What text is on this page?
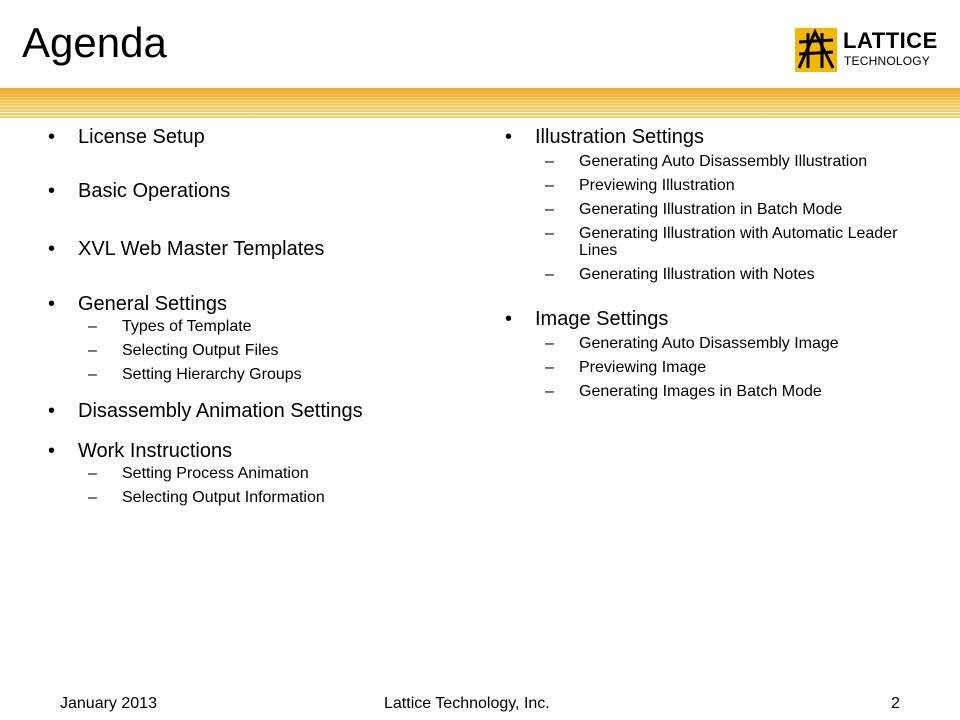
Agenda	LATTICE
TECHNOLOGY
• License Setup
• Basic Operations
• XVL Web Master Templates
• General Settings
– Types of Template
– Selecting Output Files
– Setting Hierarchy Groups
• Disassembly Animation Settings
• Work Instructions
– Setting Process Animation
– Selecting Output Information
• Illustration Settings
– Generating Auto Disassembly Illustration
– Previewing Illustration
– Generating Illustration in Batch Mode
– Generating Illustration with Automatic Leader Lines
– Generating Illustration with Notes
• Image Settings
– Generating Auto Disassembly Image
– Previewing Image
– Generating Images in Batch Mode
January 2013	Lattice Technology, Inc.	2
